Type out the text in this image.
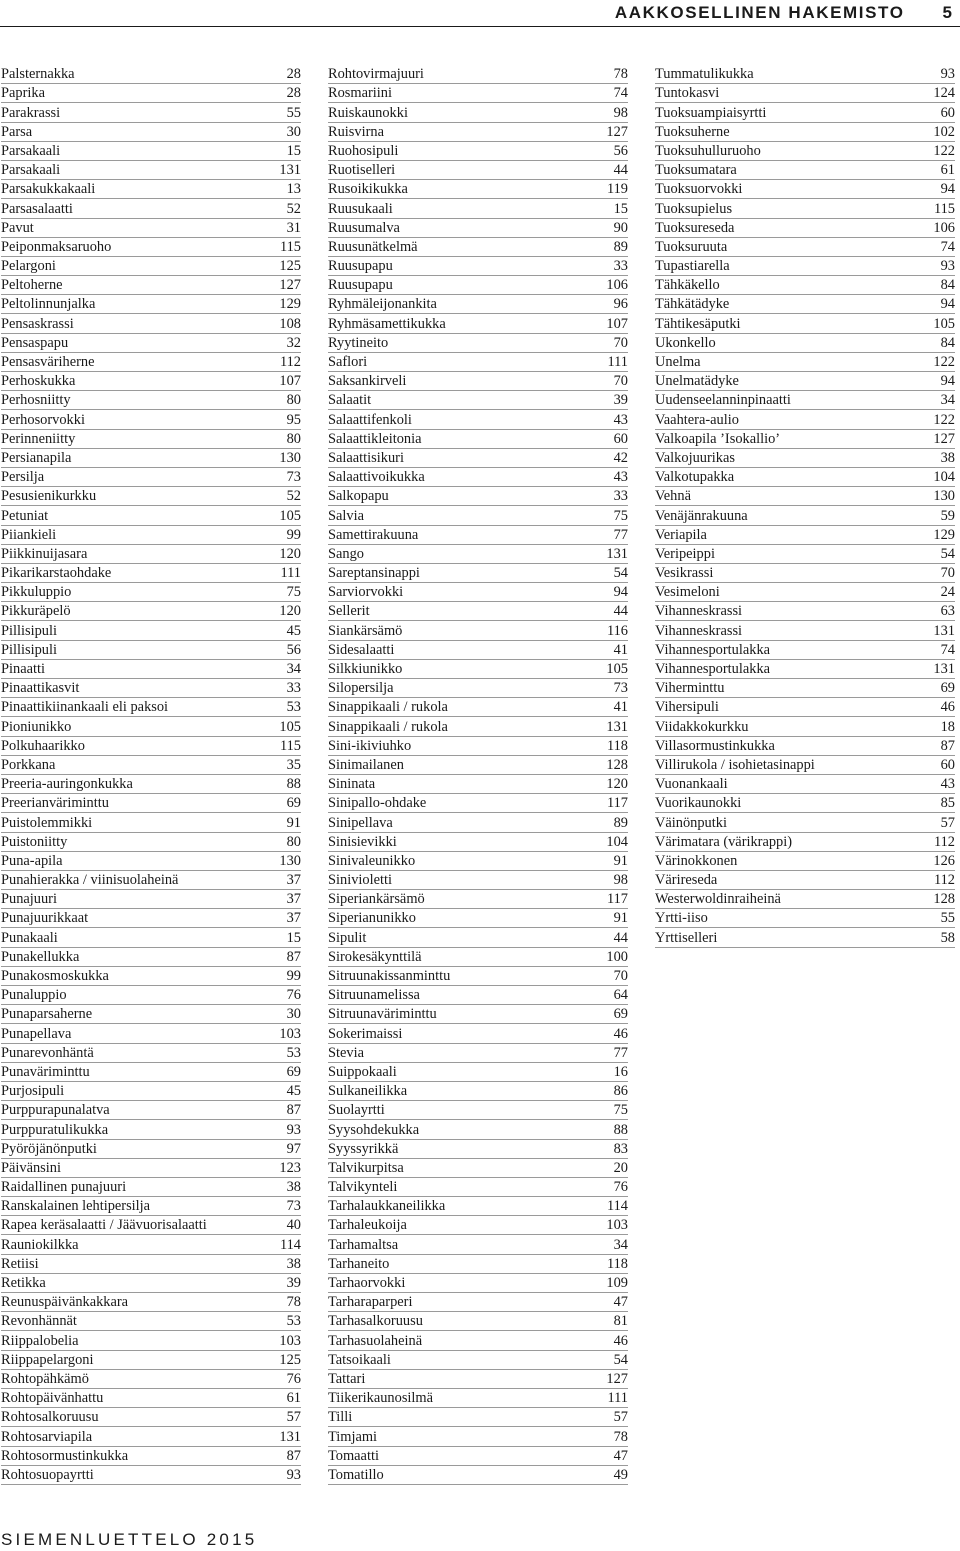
AAKKOSELLINEN HAKEMISTO 5
Palsternakka	28
Paprika	28
Parakrassi	55
Parsa	30
Parsakaali	15
Parsakaali	131
Parsakukkakaali	13
Parsasalaatti	52
Pavut	31
Peiponmaksaruoho	115
Pelargoni	125
Peltoherne	127
Peltolinnunjalka	129
Pensaskrassi	108
Pensaspapu	32
Pensasväriherne	112
Perhoskukka	107
Perhosniitty	80
Perhosorvokki	95
Perinneniitty	80
Persianapila	130
Persilja	73
Pesusienikurkku	52
Petuniat	105
Piiankieli	99
Piikkinuijasara	120
Pikarikarstaohdake	111
Pikkuluppio	75
Pikkuräpelö	120
Pillisipuli	45
Pillisipuli	56
Pinaatti	34
Pinaattikasvit	33
Pinaattikiinankaali eli paksoi	53
Pioniunikko	105
Polkuhaarikko	115
Porkkana	35
Preeria-auringonkukka	88
Preerianväriminttu	69
Puistolemmikki	91
Puistoniitty	80
Puna-apila	130
Punahierakka / viinisuolaheinä	37
Punajuuri	37
Punajuurikkaat	37
Punakaali	15
Punakellukka	87
Punakosmoskukka	99
Punaluppio	76
Punaparsaherne	30
Punapellava	103
Punarevonhäntä	53
Punaväriminttu	69
Purjosipuli	45
Purppurapunalatva	87
Purppuratulikukka	93
Pyöröjänönputki	97
Päivänsini	123
Raidallinen punajuuri	38
Ranskalainen lehtipersilja	73
Rapea keräsalaatti / Jäävuorisalaatti	40
Rauniokilkka	114
Retiisi	38
Retikka	39
Reunuspäivänkakkara	78
Revonhännät	53
Riippalobelia	103
Riippapelargoni	125
Rohtopähkämö	76
Rohtopäivänhattu	61
Rohtosalkoruusu	57
Rohtosarviapila	131
Rohtosormustinkukka	87
Rohtosuopayrtti	93
Rohtovirmajuuri	78
Rosmariini	74
Ruiskaunokki	98
Ruisvirna	127
Ruohosipuli	56
Ruotiselleri	44
Rusoikikukka	119
Ruusukaali	15
Ruusumalva	90
Ruusunätkelmä	89
Ruusupapu	33
Ruusupapu	106
Ryhmäleijonankita	96
Ryhmäsamettikukka	107
Ryytineito	70
Saflori	111
Saksankirveli	70
Salaatit	39
Salaattifenkoli	43
Salaattikleitonia	60
Salaattisikuri	42
Salaattivoikukka	43
Salkopapu	33
Salvia	75
Samettirakuuna	77
Sango	131
Sareptansinappi	54
Sarviorvokki	94
Sellerit	44
Siankärsämö	116
Sidesalaatti	41
Silkkiunikko	105
Silopersilja	73
Sinappikaali / rukola	41
Sinappikaali / rukola	131
Sini-ikiviuhko	118
Sinimailanen	128
Sininata	120
Sinipallo-ohdake	117
Sinipellava	89
Sinisievikki	104
Sinivaleunikko	91
Siniviolettі	98
Siperiankärsämö	117
Siperianunikko	91
Sipulit	44
Sirokesäkynttilä	100
Sitruunakissanminttu	70
Sitruunamelissa	64
Sitruunaväriminttu	69
Sokerimaissi	46
Stevia	77
Suippokaali	16
Sulkaneilikka	86
Suolayrtti	75
Syysohdekukka	88
Syyssyrikkä	83
Talvikurpitsa	20
Talvikynteli	76
Tarhalaukkaneilikka	114
Tarhaleukoija	103
Tarhamaltsa	34
Tarhaneito	118
Tarhaorvokki	109
Tarharaparperi	47
Tarhasalkoruusu	81
Tarhasuolaheinä	46
Tatsoikaali	54
Tattari	127
Tiikerikaunosilmä	111
Tilli	57
Timjami	78
Tomaatti	47
Tomatillo	49
Tummatulikukka	93
Tuntokasvi	124
Tuoksuampiaisyrtti	60
Tuoksuherne	102
Tuoksuhulluruoho	122
Tuoksumatara	61
Tuoksuorvokki	94
Tuoksupielus	115
Tuoksureseda	106
Tuoksuruuta	74
Tupastiarella	93
Tähkäkello	84
Tähkätädyke	94
Tähtikesäputki	105
Ukonkello	84
Unelma	122
Unelmatädyke	94
Uudenseelanninpinaatti	34
Vaahtera-aulio	122
Valkoapila ’Isokallio’	127
Valkojuurikas	38
Valkotupakka	104
Vehnä	130
Venäjänrakuuna	59
Veriapila	129
Veripeippi	54
Vesikrassi	70
Vesimeloni	24
Vihanneskrassi	63
Vihanneskrassi	131
Vihannesportulakka	74
Vihannesportulakka	131
Viherminttu	69
Vihersipuli	46
Viidakkokurkku	18
Villasormustinkukka	87
Villirukola / isohietasinappi	60
Vuonankaali	43
Vuorikaunokki	85
Väinönputki	57
Värimatara (värikrappi)	112
Värinokkonen	126
Värireseda	112
Westerwoldinraiheinä	128
Yrtti-iiso	55
Yrttiselleri	58
SIEMENLUETTELO 2015
